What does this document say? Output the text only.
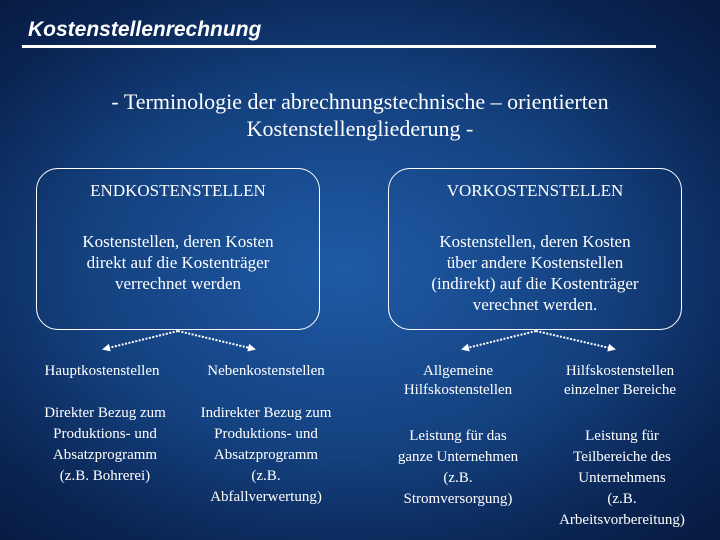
Kostenstellenrechnung
- Terminologie der abrechnungstechnische – orientierten
Kostenstellengliederung -
ENDKOSTENSTELLEN
Kostenstellen, deren Kosten
direkt auf die Kostenträger
verrechnet werden
VORKOSTENSTELLEN
Kostenstellen, deren Kosten
über andere Kostenstellen
(indirekt) auf die Kostenträger
verechnet werden.
Hauptkostenstellen
Direkter Bezug zum
Produktions- und
Absatzprogramm
(z.B. Bohrerei)
Nebenkostenstellen
Indirekter Bezug zum
Produktions- und
Absatzprogramm
(z.B.
Abfallverwertung)
Allgemeine
Hilfskostenstellen
Leistung für das
ganze Unternehmen
(z.B.
Stromversorgung)
Hilfskostenstellen
einzelner Bereiche
Leistung für
Teilbereiche des
Unternehmens
(z.B.
Arbeitsvorbereitung)
